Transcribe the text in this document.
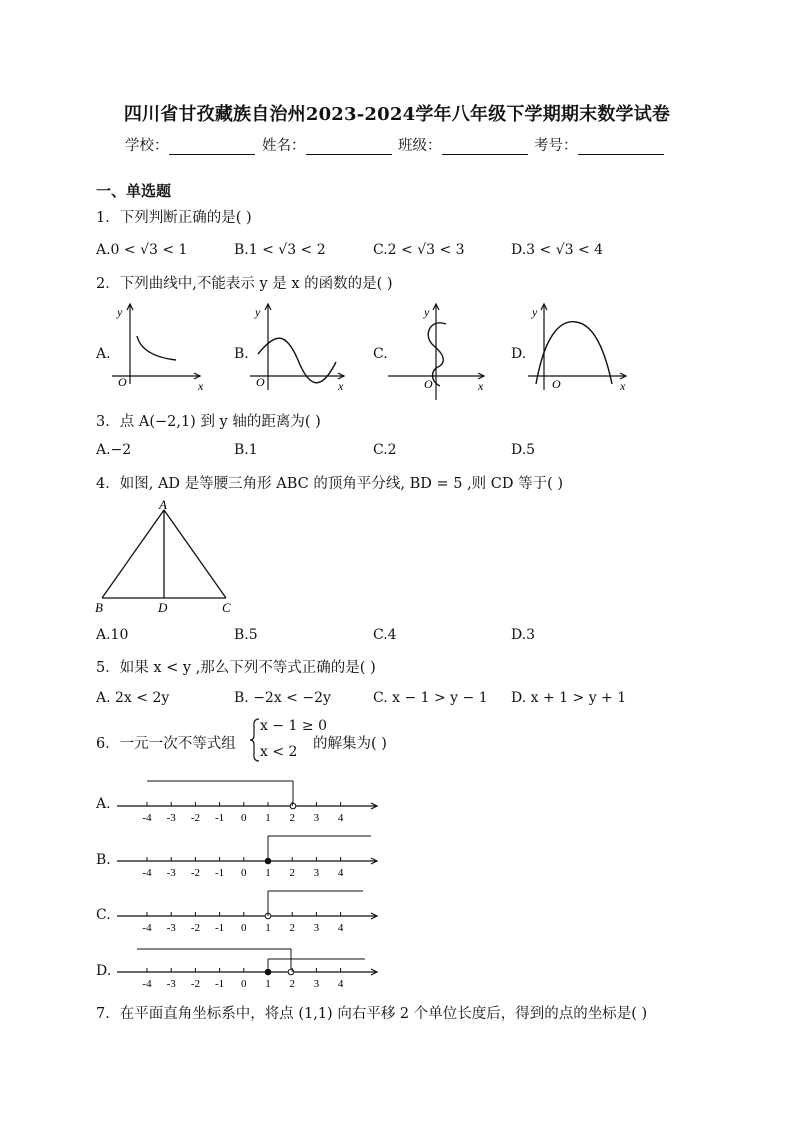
四川省甘孜藏族自治州2023-2024学年八年级下学期期末数学试卷
学校：	姓名：	班级：	考号：
一、单选题
1．下列判断正确的是( )
A.0 < √3 < 1	B.1 < √3 < 2	C.2 < √3 < 3	D.3 < √3 < 4
2．下列曲线中,不能表示 y 是 x 的函数的是( )
A.	B.	C.	D.
y
x
O
y
x
O
y
x
O
y
x
O
3．点 A(−2,1) 到 y 轴的距离为( )
A.−2	B.1	C.2	D.5
4．如图, AD 是等腰三角形 ABC 的顶角平分线, BD = 5 ,则 CD 等于( )
A
B	D	C
A.10	B.5	C.4	D.3
5．如果 x < y ,那么下列不等式正确的是( )
A. 2x < 2y	B. −2x < −2y	C. x − 1 > y − 1 D. x + 1 > y + 1
6．一元一次不等式组
x − 1 ≥ 0
x < 2 的解集为( )
A.
B.
C.
D.
-4 -3 -2 -1 0 1 2 3 4
-4 -3 -2 -1 0 1 2 3 4
-4 -3 -2 -1 0 1 2 3 4
-4 -3 -2 -1 0 1 2 3 4
7．在平面直角坐标系中，将点 (1,1) 向右平移 2 个单位长度后，得到的点的坐标是( )
